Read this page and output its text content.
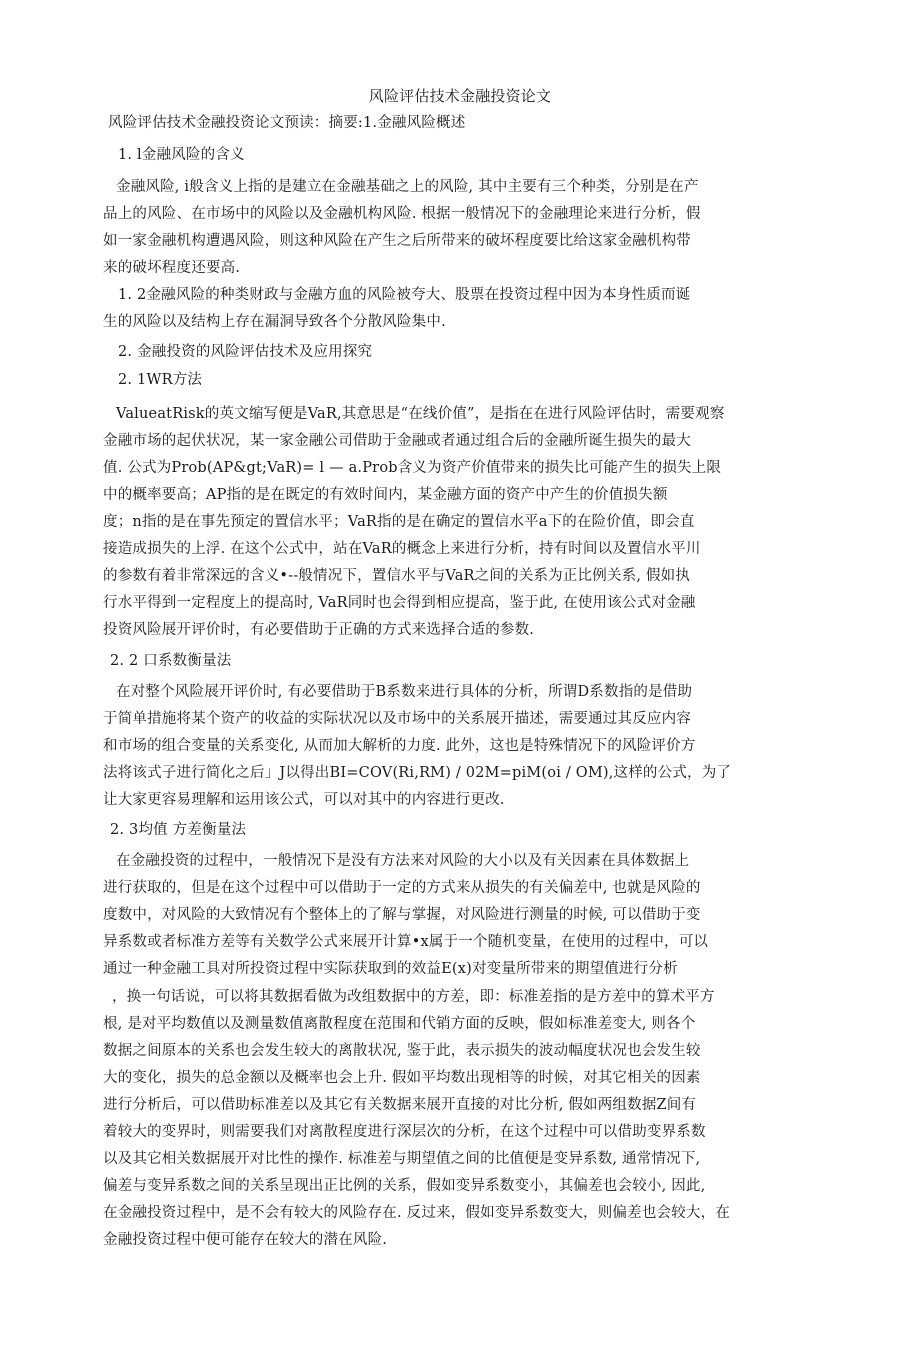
风险评估技术金融投资论文
风险评估技术金融投资论文预读：摘要:1.金融风险概述
1. l金融风险的含义
金融风险, i般含义上指的是建立在金融基础之上的风险, 其中主要有三个种类，分别是在产
品上的风险、在市场中的风险以及金融机构风险. 根据一般情况下的金融理论来进行分析，假
如一家金融机构遭遇风险，则这种风险在产生之后所带来的破坏程度要比给这家金融机构带
来的破坏程度还要高.
1. 2金融风险的种类财政与金融方血的风险被夸大、股票在投资过程中因为本身性质而诞
生的风险以及结构上存在漏洞导致各个分散风险集中.
2. 金融投资的风险评估技术及应用探究
2. 1WR方法
ValueatRisk的英文缩写便是VaR,其意思是“在线价值”，是指在在进行风险评估时，需要观察
金融市场的起伏状况，某一家金融公司借助于金融或者通过组合后的金融所诞生损失的最大
值. 公式为Prob(AP&gt;VaR)= l — a.Prob含义为资产价值带来的损失比可能产生的损失上限
中的概率要高；AP指的是在既定的有效时间内，某金融方面的资产中产生的价值损失额
度；n指的是在事先预定的置信水平；VaR指的是在确定的置信水平a下的在险价值，即会直
接造成损失的上浮. 在这个公式中，站在VaR的概念上来进行分析，持有时间以及置信水平川
的参数有着非常深远的含义•--般情况下，置信水平与VaR之间的关系为正比例关系, 假如执
行水平得到一定程度上的提高时, VaR同时也会得到相应提高，鉴于此, 在使用该公式对金融
投资风险展开评价时，有必要借助于正确的方式来选择合适的参数.
2. 2 口系数衡量法
在对整个风险展开评价时, 有必要借助于B系数来进行具体的分析，所谓D系数指的是借助
于简单措施将某个资产的收益的实际状况以及市场中的关系展开描述，需要通过其反应内容
和市场的组合变量的关系变化, 从而加大解析的力度. 此外，这也是特殊情况下的风险评价方
法将该式子进行简化之后」J以得出BI=COV(Ri,RM) / 02M=piM(oi / OM),这样的公式，为了
让大家更容易理解和运用该公式，可以对其中的内容进行更改.
2. 3均值 方差衡量法
在金融投资的过程中，一般情况下是没有方法来对风险的大小以及有关因素在具体数据上
进行获取的，但是在这个过程中可以借助于一定的方式来从损失的有关偏差中, 也就是风险的
度数中，对风险的大致情况有个整体上的了解与掌握，对风险进行测量的时候, 可以借助于变
异系数或者标准方差等有关数学公式来展开计算•x属于一个随机变量，在使用的过程中，可以
通过一种金融工具对所投资过程中实际获取到的效益E(x)对变量所带来的期望值进行分析
，换一句话说，可以将其数据看做为改组数据中的方差，即：标准差指的是方差中的算术平方
根, 是对平均数值以及测量数值离散程度在范围和代销方面的反映，假如标准差变大, 则各个
数据之间原本的关系也会发生较大的离散状况, 鉴于此，表示损失的波动幅度状况也会发生较
大的变化，损失的总金额以及概率也会上升. 假如平均数出现相等的时候，对其它相关的因素
进行分析后，可以借助标准差以及其它有关数据来展开直接的对比分析, 假如两组数据Z间有
着较大的变界时，则需要我们对离散程度进行深层次的分析，在这个过程中可以借助变界系数
以及其它相关数据展开对比性的操作. 标准差与期望值之间的比值便是变异系数, 通常情况下,
偏差与变异系数之间的关系呈现出正比例的关系，假如变异系数变小，其偏差也会较小, 因此,
在金融投资过程中，是不会有较大的风险存在. 反过来，假如变异系数变大，则偏差也会较大，在
金融投资过程中便可能存在较大的潜在风险.
